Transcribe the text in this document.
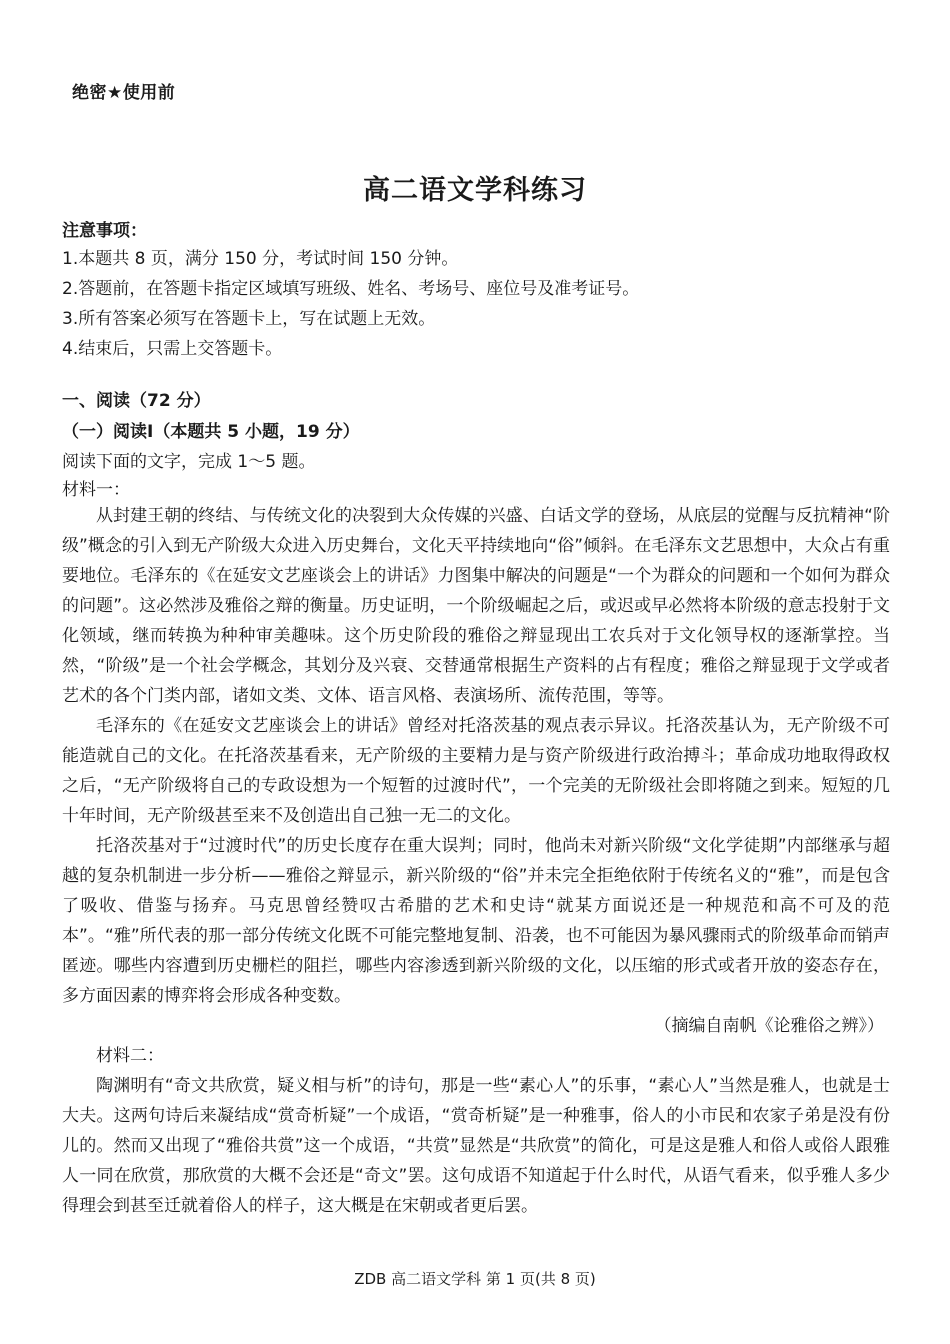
绝密★使用前
高二语文学科练习
注意事项：
1.本题共 8 页，满分 150 分，考试时间 150 分钟。
2.答题前，在答题卡指定区域填写班级、姓名、考场号、座位号及准考证号。
3.所有答案必须写在答题卡上，写在试题上无效。
4.结束后，只需上交答题卡。
一、阅读（72 分）
（一）阅读Ⅰ（本题共 5 小题，19 分）
阅读下面的文字，完成 1～5 题。
材料一：

从封建王朝的终结、与传统文化的决裂到大众传媒的兴盛、白话文学的登场，从底层的觉醒与反抗精神“阶级”概念的引入到无产阶级大众进入历史舞台，文化天平持续地向“俗”倾斜。在毛泽东文艺思想中，大众占有重要地位。毛泽东的《在延安文艺座谈会上的讲话》力图集中解决的问题是“一个为群众的问题和一个如何为群众的问题”。这必然涉及雅俗之辩的衡量。历史证明，一个阶级崛起之后，或迟或早必然将本阶级的意志投射于文化领域，继而转换为种种审美趣味。这个历史阶段的雅俗之辩显现出工农兵对于文化领导权的逐渐掌控。当然，“阶级”是一个社会学概念，其划分及兴衰、交替通常根据生产资料的占有程度；雅俗之辩显现于文学或者艺术的各个门类内部，诸如文类、文体、语言风格、表演场所、流传范围，等等。

毛泽东的《在延安文艺座谈会上的讲话》曾经对托洛茨基的观点表示异议。托洛茨基认为，无产阶级不可能造就自己的文化。在托洛茨基看来，无产阶级的主要精力是与资产阶级进行政治搏斗；革命成功地取得政权之后，“无产阶级将自己的专政设想为一个短暂的过渡时代”，一个完美的无阶级社会即将随之到来。短短的几十年时间，无产阶级甚至来不及创造出自己独一无二的文化。

托洛茨基对于“过渡时代”的历史长度存在重大误判；同时，他尚未对新兴阶级“文化学徒期”内部继承与超越的复杂机制进一步分析——雅俗之辩显示，新兴阶级的“俗”并未完全拒绝依附于传统名义的“雅”，而是包含了吸收、借鉴与扬弃。马克思曾经赞叹古希腊的艺术和史诗“就某方面说还是一种规范和高不可及的范本”。“雅”所代表的那一部分传统文化既不可能完整地复制、沿袭，也不可能因为暴风骤雨式的阶级革命而销声匿迹。哪些内容遭到历史栅栏的阻拦，哪些内容渗透到新兴阶级的文化，以压缩的形式或者开放的姿态存在，多方面因素的博弈将会形成各种变数。

（摘编自南帆《论雅俗之辨》）

材料二：

陶渊明有“奇文共欣赏，疑义相与析”的诗句，那是一些“素心人”的乐事，“素心人”当然是雅人，也就是士大夫。这两句诗后来凝结成“赏奇析疑”一个成语，“赏奇析疑”是一种雅事，俗人的小市民和农家子弟是没有份儿的。然而又出现了“雅俗共赏”这一个成语，“共赏”显然是“共欣赏”的简化，可是这是雅人和俗人或俗人跟雅人一同在欣赏，那欣赏的大概不会还是“奇文”罢。这句成语不知道起于什么时代，从语气看来，似乎雅人多少得理会到甚至迁就着俗人的样子，这大概是在宋朝或者更后罢。

ZDB 高二语文学科 第 1 页(共 8 页)
